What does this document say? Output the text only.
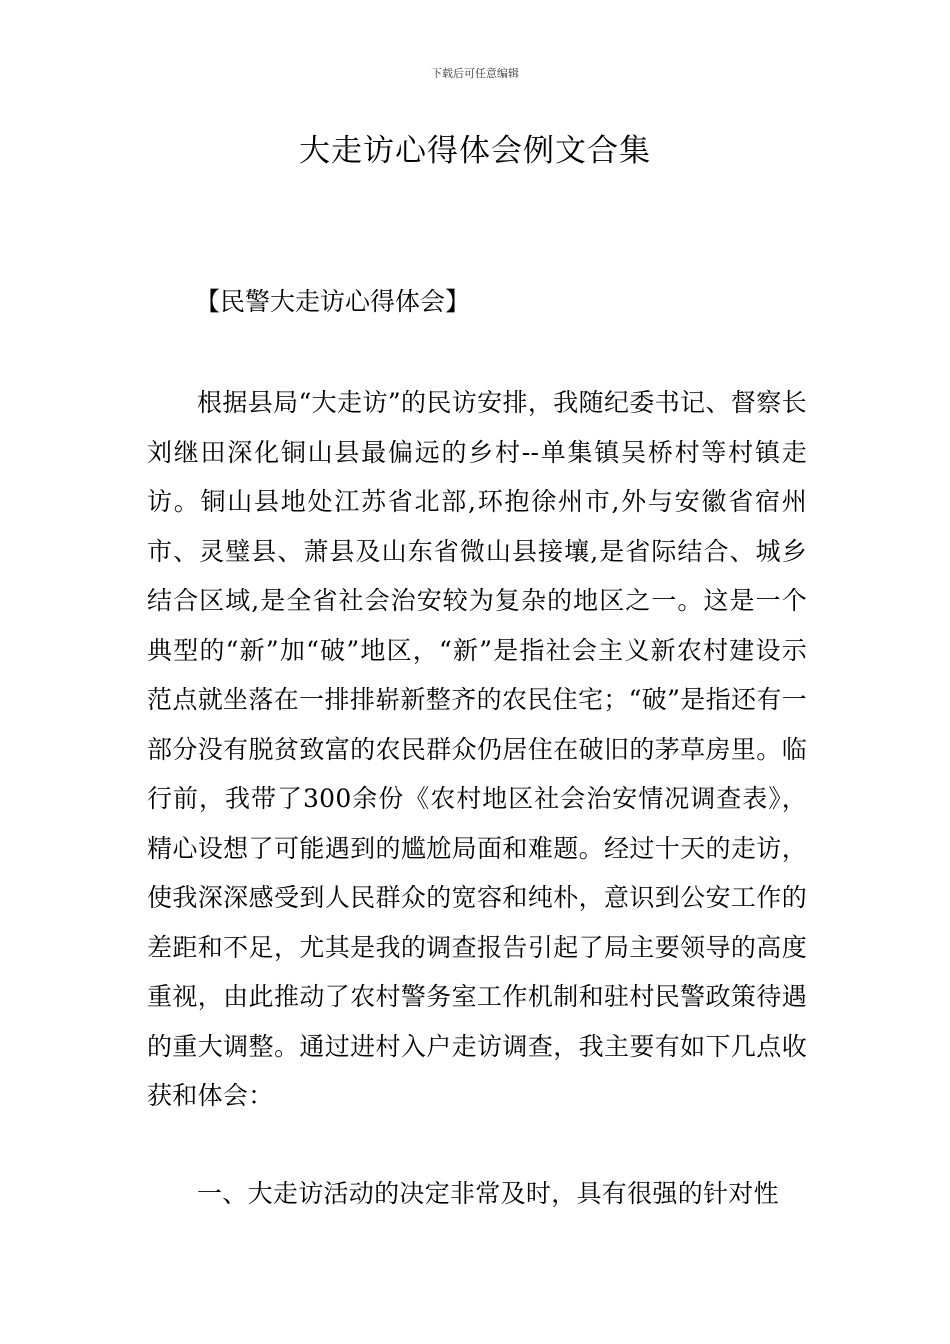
下载后可任意编辑
大走访心得体会例文合集
【民警大走访心得体会】

根据县局“大走访”的民访安排，我随纪委书记、督察长刘继田深化铜山县最偏远的乡村--单集镇吴桥村等村镇走访。铜山县地处江苏省北部,环抱徐州市,外与安徽省宿州市、灵璧县、萧县及山东省微山县接壤,是省际结合、城乡结合区域,是全省社会治安较为复杂的地区之一。这是一个典型的“新”加“破”地区，“新”是指社会主义新农村建设示范点就坐落在一排排崭新整齐的农民住宅；“破”是指还有一部分没有脱贫致富的农民群众仍居住在破旧的茅草房里。临行前，我带了300余份《农村地区社会治安情况调查表》，精心设想了可能遇到的尴尬局面和难题。经过十天的走访，使我深深感受到人民群众的宽容和纯朴，意识到公安工作的差距和不足，尤其是我的调查报告引起了局主要领导的高度重视，由此推动了农村警务室工作机制和驻村民警政策待遇的重大调整。通过进村入户走访调查，我主要有如下几点收获和体会：

一、大走访活动的决定非常及时，具有很强的针对性
